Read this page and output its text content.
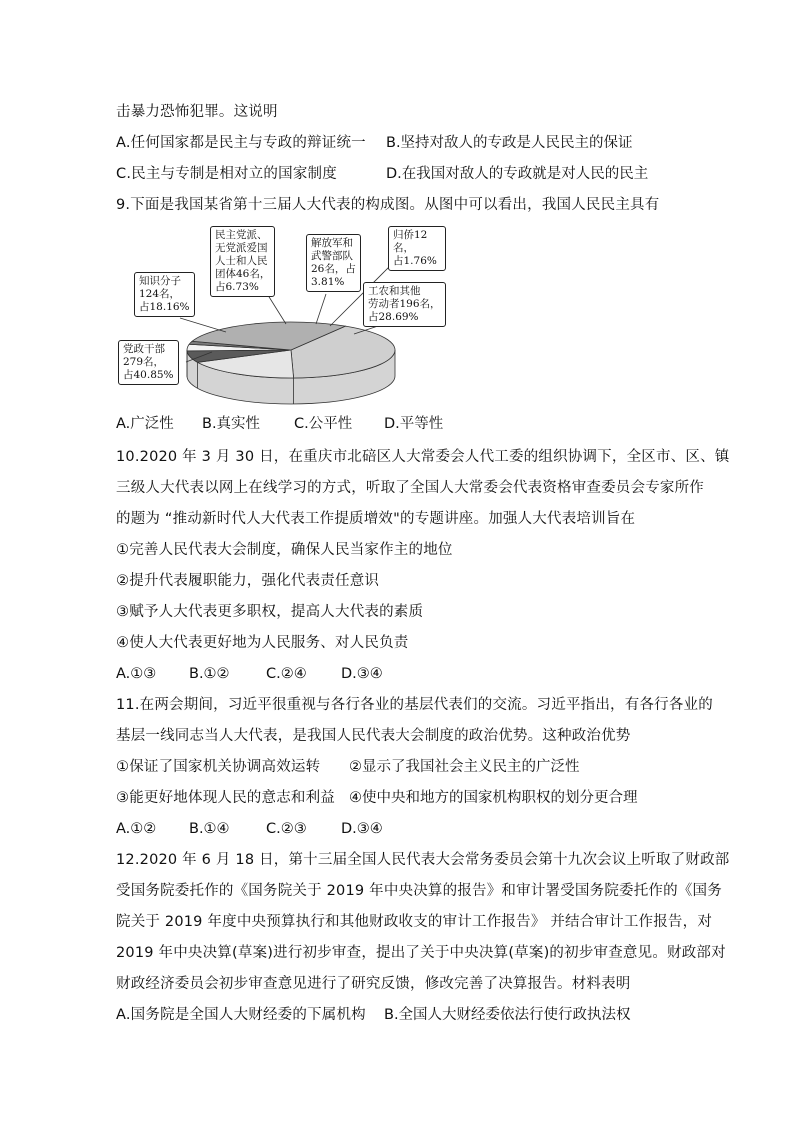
击暴力恐怖犯罪。这说明
A.任何国家都是民主与专政的辩证统一 B.坚持对敌人的专政是人民民主的保证
C.民主与专制是相对立的国家制度	D.在我国对敌人的专政就是对人民的民主
9.下面是我国某省第十三届人大代表的构成图。从图中可以看出，我国人民民主具有
民主党派、
无党派爱国
人士和人民
团体46名，
占6.73%
解放军和
武警部队
26名，占
3.81%
归侨12名，
占1.76%
知识分子
124名，
占18.16%
工农和其他
劳动者196名，
占28.69%
党政干部
279名，
占40.85%
A.广泛性 B.真实性 C.公平性 D.平等性
10.2020 年 3 月 30 日，在重庆市北碚区人大常委会人代工委的组织协调下，全区市、区、镇
三级人大代表以网上在线学习的方式，听取了全国人大常委会代表资格审查委员会专家所作
的题为 “推动新时代人大代表工作提质增效"的专题讲座。加强人大代表培训旨在
①完善人民代表大会制度，确保人民当家作主的地位
②提升代表履职能力，强化代表责任意识
③赋予人大代表更多职权，提高人大代表的素质
④使人大代表更好地为人民服务、对人民负责
A.①③ B.①②	C.②④ D.③④
11.在两会期间，习近平很重视与各行各业的基层代表们的交流。习近平指出，有各行各业的
基层一线同志当人大代表，是我国人民代表大会制度的政治优势。这种政治优势
①保证了国家机关协调高效运转 ②显示了我国社会主义民主的广泛性
③能更好地体现人民的意志和利益 ④使中央和地方的国家机构职权的划分更合理
A.①② B.①④	C.②③ D.③④
12.2020 年 6 月 18 日，第十三届全国人民代表大会常务委员会第十九次会议上听取了财政部
受国务院委托作的《国务院关于 2019 年中央决算的报告》和审计署受国务院委托作的《国务
院关于 2019 年度中央预算执行和其他财政收支的审计工作报告》 并结合审计工作报告，对
2019 年中央决算(草案)进行初步审查，提出了关于中央决算(草案)的初步审查意见。财政部对
财政经济委员会初步审查意见进行了研究反馈，修改完善了决算报告。材料表明
A.国务院是全国人大财经委的下属机构 B.全国人大财经委依法行使行政执法权
